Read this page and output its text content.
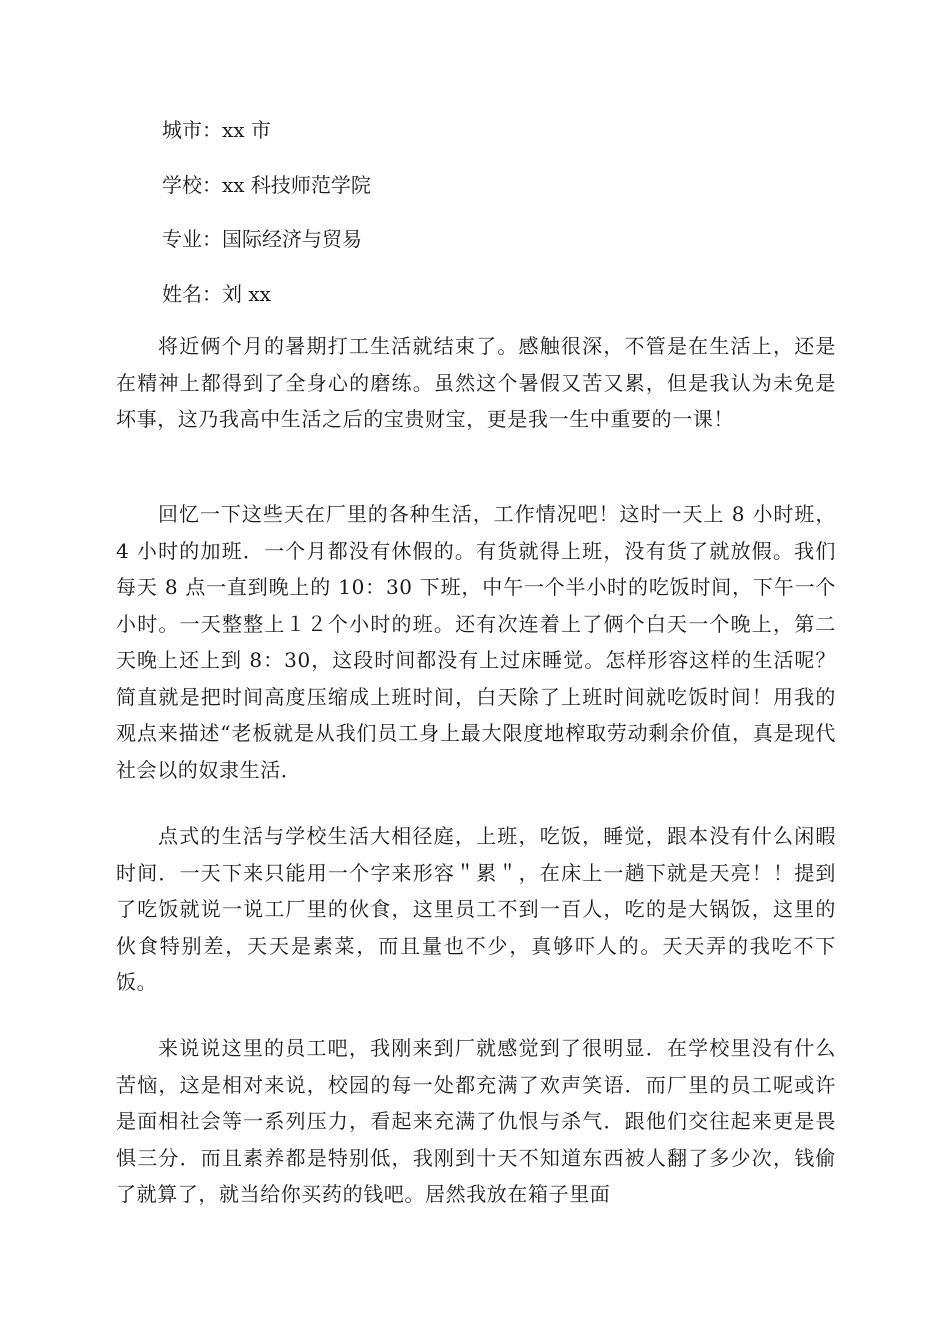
城市：xx 市
学校：xx 科技师范学院
专业：国际经济与贸易
姓名：刘 xx

将近俩个月的暑期打工生活就结束了。感触很深，不管是在生活上，还是在精神上都得到了全身心的磨练。虽然这个暑假又苦又累，但是我认为未免是坏事，这乃我高中生活之后的宝贵财宝，更是我一生中重要的一课！

回忆一下这些天在厂里的各种生活，工作情况吧！这时一天上 8 小时班，4 小时的加班．一个月都没有休假的。有货就得上班，没有货了就放假。我们每天 8 点一直到晚上的 10：30 下班，中午一个半小时的吃饭时间，下午一个小时。一天整整上１２个小时的班。还有次连着上了俩个白天一个晚上，第二天晚上还上到 8：30，这段时间都没有上过床睡觉。怎样形容这样的生活呢？简直就是把时间高度压缩成上班时间，白天除了上班时间就吃饭时间！用我的观点来描述“老板就是从我们员工身上最大限度地榨取劳动剩余价值，真是现代社会以的奴隶生活．

点式的生活与学校生活大相径庭，上班，吃饭，睡觉，跟本没有什么闲暇时间．一天下来只能用一个字来形容＂累＂，在床上一趟下就是天亮！！提到了吃饭就说一说工厂里的伙食，这里员工不到一百人，吃的是大锅饭，这里的伙食特别差，天天是素菜，而且量也不少，真够吓人的。天天弄的我吃不下饭。

来说说这里的员工吧，我刚来到厂就感觉到了很明显．在学校里没有什么苦恼，这是相对来说，校园的每一处都充满了欢声笑语．而厂里的员工呢或许是面相社会等一系列压力，看起来充满了仇恨与杀气．跟他们交往起来更是畏惧三分．而且素养都是特别低，我刚到十天不知道东西被人翻了多少次，钱偷了就算了，就当给你买药的钱吧。居然我放在箱子里面
